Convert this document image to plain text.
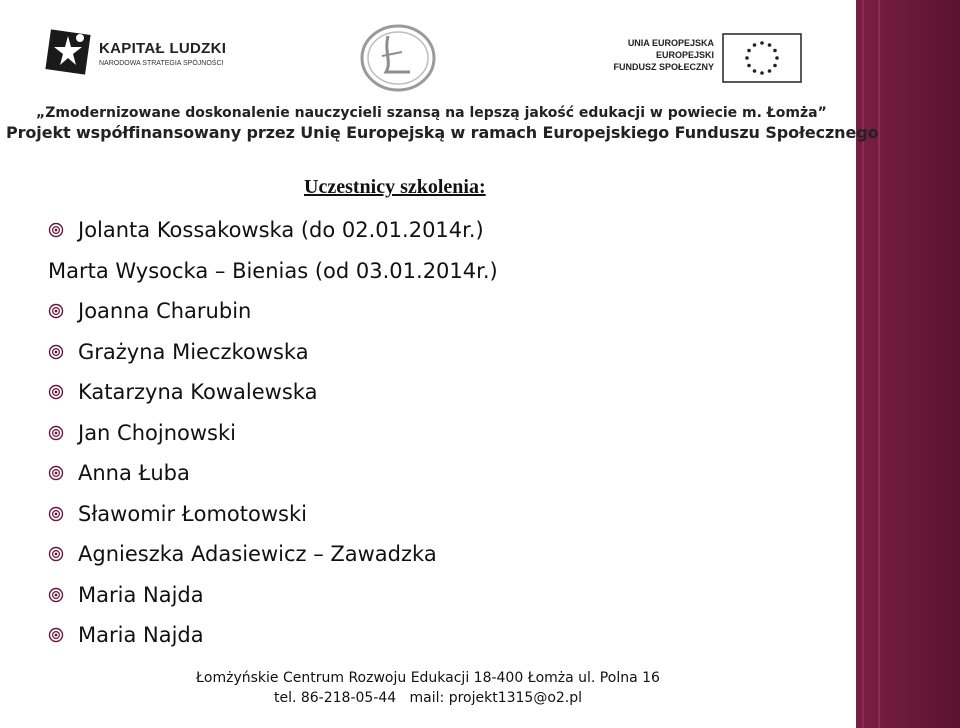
KAPITAŁ LUDZKI
NARODOWA STRATEGIA SPÓJNOŚCI
UNIA EUROPEJSKA
EUROPEJSKI
FUNDUSZ SPOŁECZNY
„Zmodernizowane doskonalenie nauczycieli szansą na lepszą jakość edukacji w powiecie m. Łomża”
Projekt współfinansowany przez Unię Europejską w ramach Europejskiego Funduszu Społecznego
Uczestnicy szkolenia:
Jolanta Kossakowska (do 02.01.2014r.)
Marta Wysocka – Bienias (od 03.01.2014r.)
Joanna Charubin
Grażyna Mieczkowska
Katarzyna Kowalewska
Jan Chojnowski
Anna Łuba
Sławomir Łomotowski
Agnieszka Adasiewicz – Zawadzka
Maria Najda
Maria Najda
Łomżyńskie Centrum Rozwoju Edukacji 18-400 Łomża ul. Polna 16
tel. 86-218-05-44   mail: projekt1315@o2.pl
